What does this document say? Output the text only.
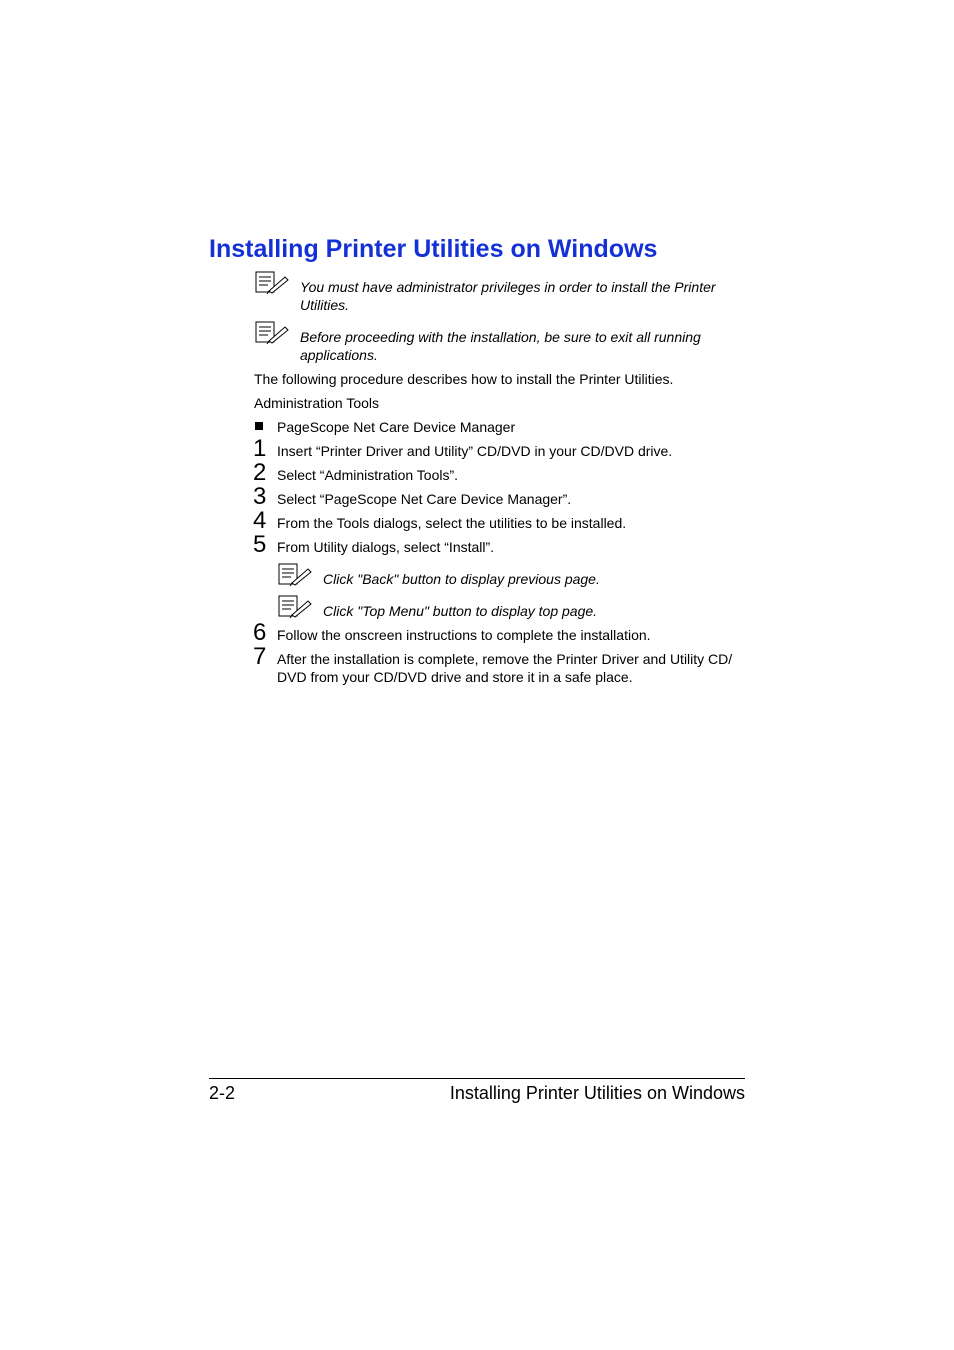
Installing Printer Utilities on Windows
You must have administrator privileges in order to install the Printer Utilities.
Before proceeding with the installation, be sure to exit all running applications.
The following procedure describes how to install the Printer Utilities.
Administration Tools
PageScope Net Care Device Manager
1 Insert “Printer Driver and Utility” CD/DVD in your CD/DVD drive.
2 Select “Administration Tools”.
3 Select “PageScope Net Care Device Manager”.
4 From the Tools dialogs, select the utilities to be installed.
5 From Utility dialogs, select “Install”.
Click "Back" button to display previous page.
Click "Top Menu" button to display top page.
6 Follow the onscreen instructions to complete the installation.
7 After the installation is complete, remove the Printer Driver and Utility CD/ DVD from your CD/DVD drive and store it in a safe place.
2-2	Installing Printer Utilities on Windows
